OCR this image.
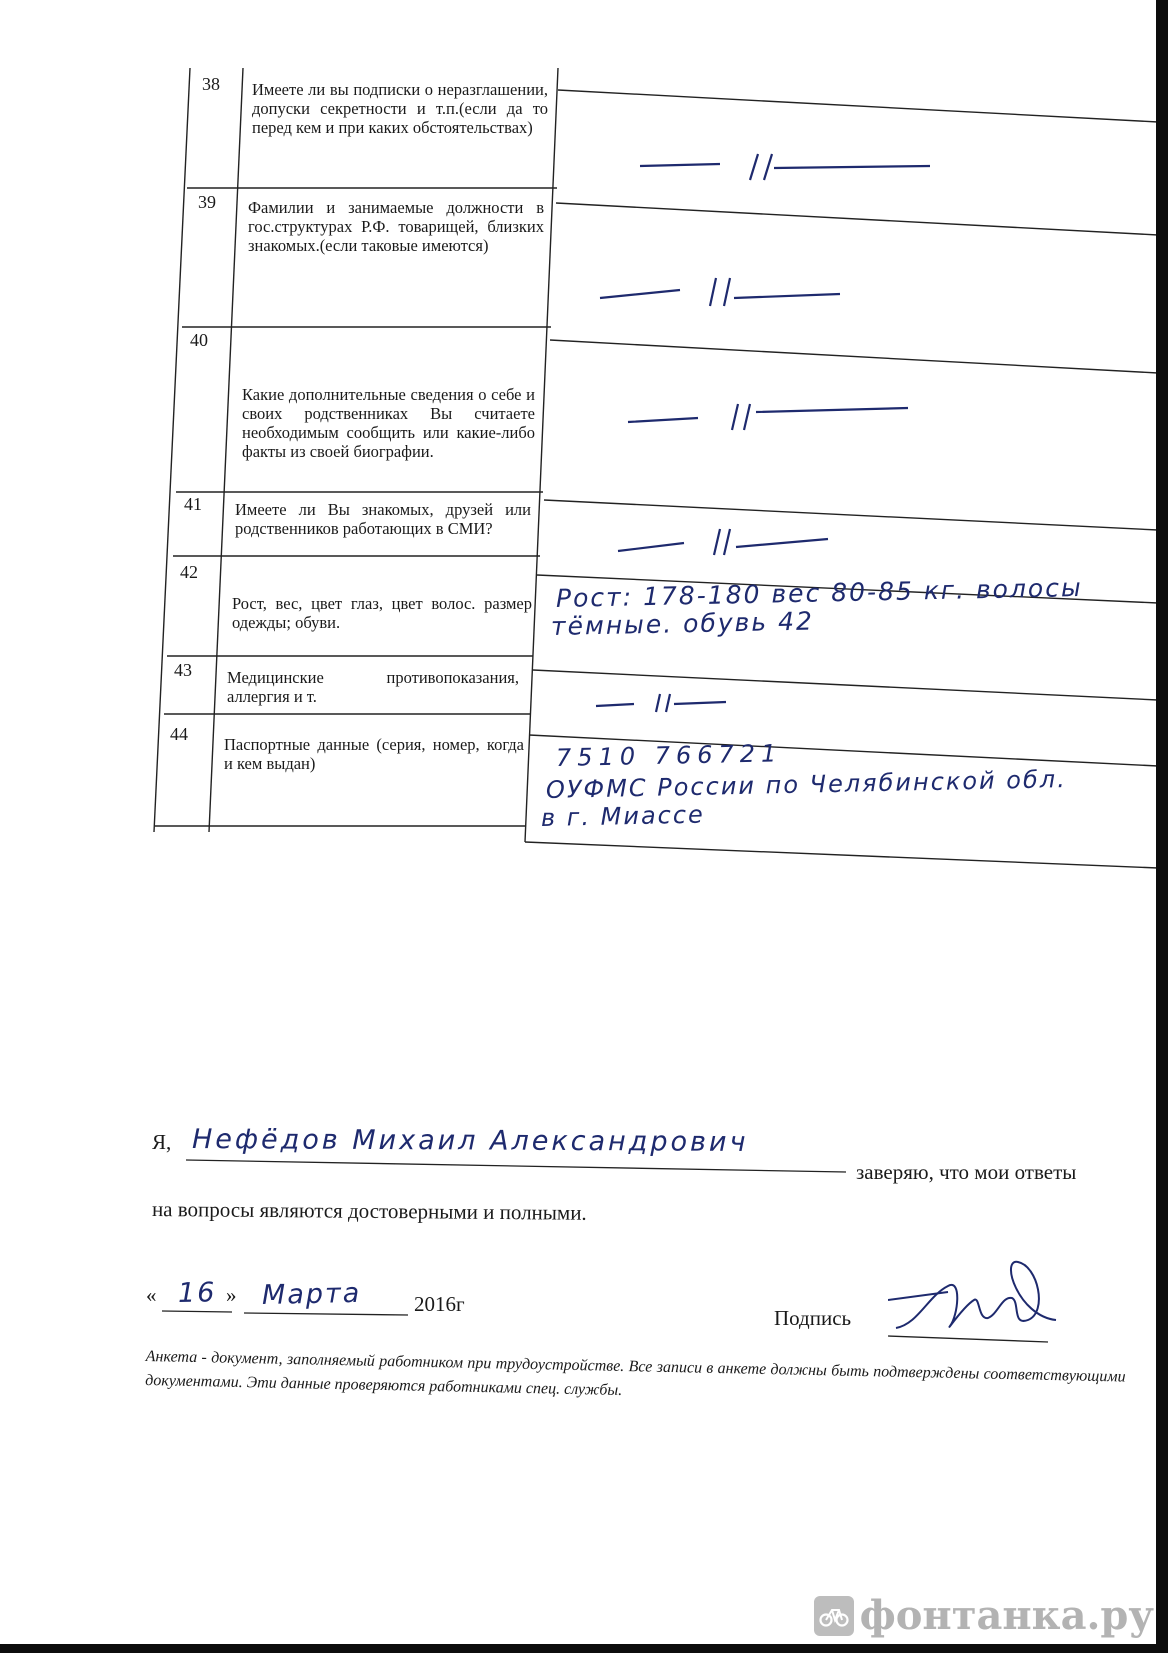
38 Имеете ли вы подписки о неразглашении, допуски секретности и т.п.(если да то перед кем и при каких обстоятельствах)
39 Фамилии и занимаемые должности в гос.структурах Р.Ф. товарищей, близких знакомых.(если таковые имеются)
40
Какие дополнительные сведения о себе и своих родственниках Вы считаете необходимым сообщить или какие-либо факты из своей биографии.
41 Имеете ли Вы знакомых, друзей или родственников работающих в СМИ?
42
Рост, вес, цвет глаз, цвет волос. размер одежды; обуви.
Рост: 178-180 вес 80-85 кг. волосы
тёмные. обувь 42
43 Медицинские противопоказания, аллергия и т.
44
Паспортные данные (серия, номер, когда и кем выдан)	7510 766721
ОУФМС России по Челябинской обл.
в г. Миассе
Я, Нефёдов Михаил Александрович
заверяю, что мои ответы
на вопросы являются достоверными и полными.
« 16 » Марта 2016г
Подпись
Анкета - документ, заполняемый работником при трудоустройстве. Все записи в анкете должны быть подтверждены соответствующими документами. Эти данные проверяются работниками спец. службы.
фонтанка.ру
